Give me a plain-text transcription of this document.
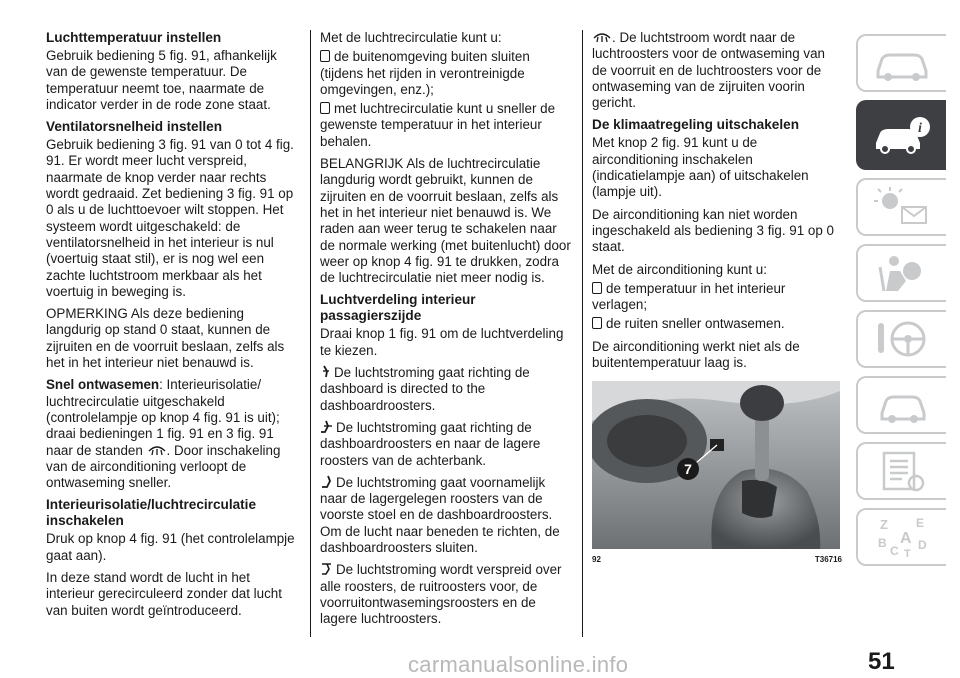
Luchttemperatuur instellen

Gebruik bediening 5 fig. 91, afhankelijk van de gewenste temperatuur. De temperatuur neemt toe, naarmate de indicator verder in de rode zone staat.

Ventilatorsnelheid instellen

Gebruik bediening 3 fig. 91 van 0 tot 4 fig. 91. Er wordt meer lucht verspreid, naarmate de knop verder naar rechts wordt gedraaid. Zet bediening 3 fig. 91 op 0 als u de luchttoevoer wilt stoppen. Het systeem wordt uitgeschakeld: de ventilatorsnelheid in het interieur is nul (voertuig staat stil), er is nog wel een zachte luchtstroom merkbaar als het voertuig in beweging is.

OPMERKING Als deze bediening langdurig op stand 0 staat, kunnen de zijruiten en de voorruit beslaan, zelfs als het in het interieur niet benauwd is.

Snel ontwasemen: Interieurisolatie/ luchtrecirculatie uitgeschakeld (controlelampje op knop 4 fig. 91 is uit); draai bedieningen 1 fig. 91 en 3 fig. 91 naar de standen . Door inschakeling van de airconditioning verloopt de ontwaseming sneller.

Interieurisolatie/luchtrecirculatie inschakelen

Druk op knop 4 fig. 91 (het controlelampje gaat aan).

In deze stand wordt de lucht in het interieur gerecirculeerd zonder dat lucht van buiten wordt geïntroduceerd.

Met de luchtrecirculatie kunt u:

de buitenomgeving buiten sluiten (tijdens het rijden in verontreinigde omgevingen, enz.);

met luchtrecirculatie kunt u sneller de gewenste temperatuur in het interieur behalen.

BELANGRIJK Als de luchtrecirculatie langdurig wordt gebruikt, kunnen de zijruiten en de voorruit beslaan, zelfs als het in het interieur niet benauwd is. We raden aan weer terug te schakelen naar de normale werking (met buitenlucht) door weer op knop 4 fig. 91 te drukken, zodra de luchtrecirculatie niet meer nodig is.

Luchtverdeling interieur passagierszijde

Draai knop 1 fig. 91 om de luchtverdeling te kiezen.

De luchtstroming gaat richting de dashboard is directed to the dashboardroosters.

De luchtstroming gaat richting de dashboardroosters en naar de lagere roosters van de achterbank.

De luchtstroming gaat voornamelijk naar de lagergelegen roosters van de voorste stoel en de dashboardroosters. Om de lucht naar beneden te richten, de dashboardroosters sluiten.

De luchtstroming wordt verspreid over alle roosters, de ruitroosters voor, de voorruitontwasemingsroosters en de lagere luchtroosters.

. De luchtstroom wordt naar de luchtroosters voor de ontwaseming van de voorruit en de luchtroosters voor de ontwaseming van de zijruiten voorin gericht.

De klimaatregeling uitschakelen

Met knop 2 fig. 91 kunt u de airconditioning inschakelen (indicatielampje aan) of uitschakelen (lampje uit).

De airconditioning kan niet worden ingeschakeld als bediening 3 fig. 91 op 0 staat.

Met de airconditioning kunt u:

de temperatuur in het interieur verlagen;

de ruiten sneller ontwasemen.

De airconditioning werkt niet als de buitentemperatuur laag is.

7
92	T36716
i
Z E
B
C T
D
A
51
carmanualsonline.info
